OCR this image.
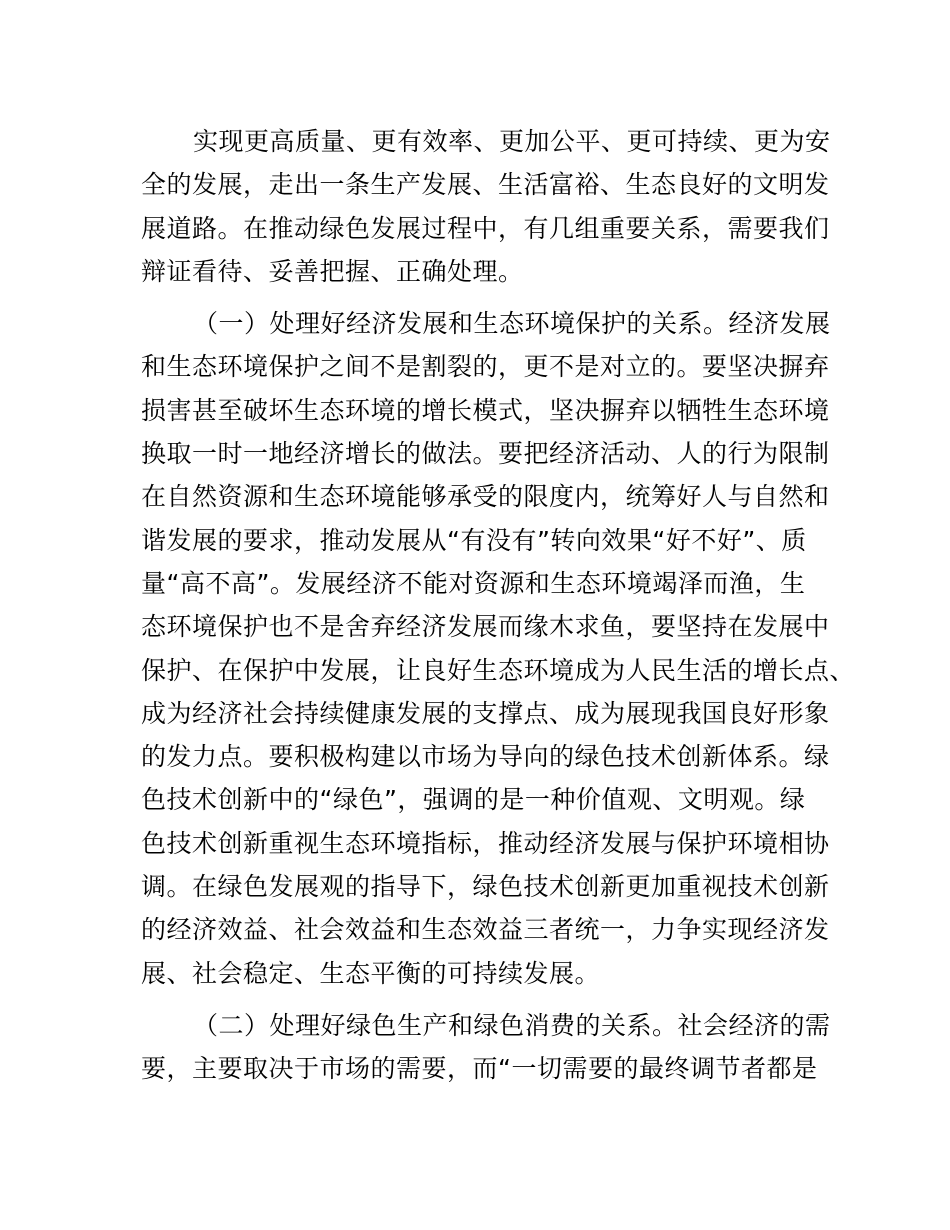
实现更高质量、更有效率、更加公平、更可持续、更为安
全的发展，走出一条生产发展、生活富裕、生态良好的文明发
展道路。在推动绿色发展过程中，有几组重要关系，需要我们
辩证看待、妥善把握、正确处理。
（一）处理好经济发展和生态环境保护的关系。经济发展
和生态环境保护之间不是割裂的，更不是对立的。要坚决摒弃
损害甚至破坏生态环境的增长模式，坚决摒弃以牺牲生态环境
换取一时一地经济增长的做法。要把经济活动、人的行为限制
在自然资源和生态环境能够承受的限度内，统筹好人与自然和
谐发展的要求，推动发展从“有没有”转向效果“好不好”、质
量“高不高”。发展经济不能对资源和生态环境竭泽而渔，生
态环境保护也不是舍弃经济发展而缘木求鱼，要坚持在发展中
保护、在保护中发展，让良好生态环境成为人民生活的增长点、
成为经济社会持续健康发展的支撑点、成为展现我国良好形象
的发力点。要积极构建以市场为导向的绿色技术创新体系。绿
色技术创新中的“绿色”，强调的是一种价值观、文明观。绿
色技术创新重视生态环境指标，推动经济发展与保护环境相协
调。在绿色发展观的指导下，绿色技术创新更加重视技术创新
的经济效益、社会效益和生态效益三者统一，力争实现经济发
展、社会稳定、生态平衡的可持续发展。
（二）处理好绿色生产和绿色消费的关系。社会经济的需
要，主要取决于市场的需要，而“一切需要的最终调节者都是
